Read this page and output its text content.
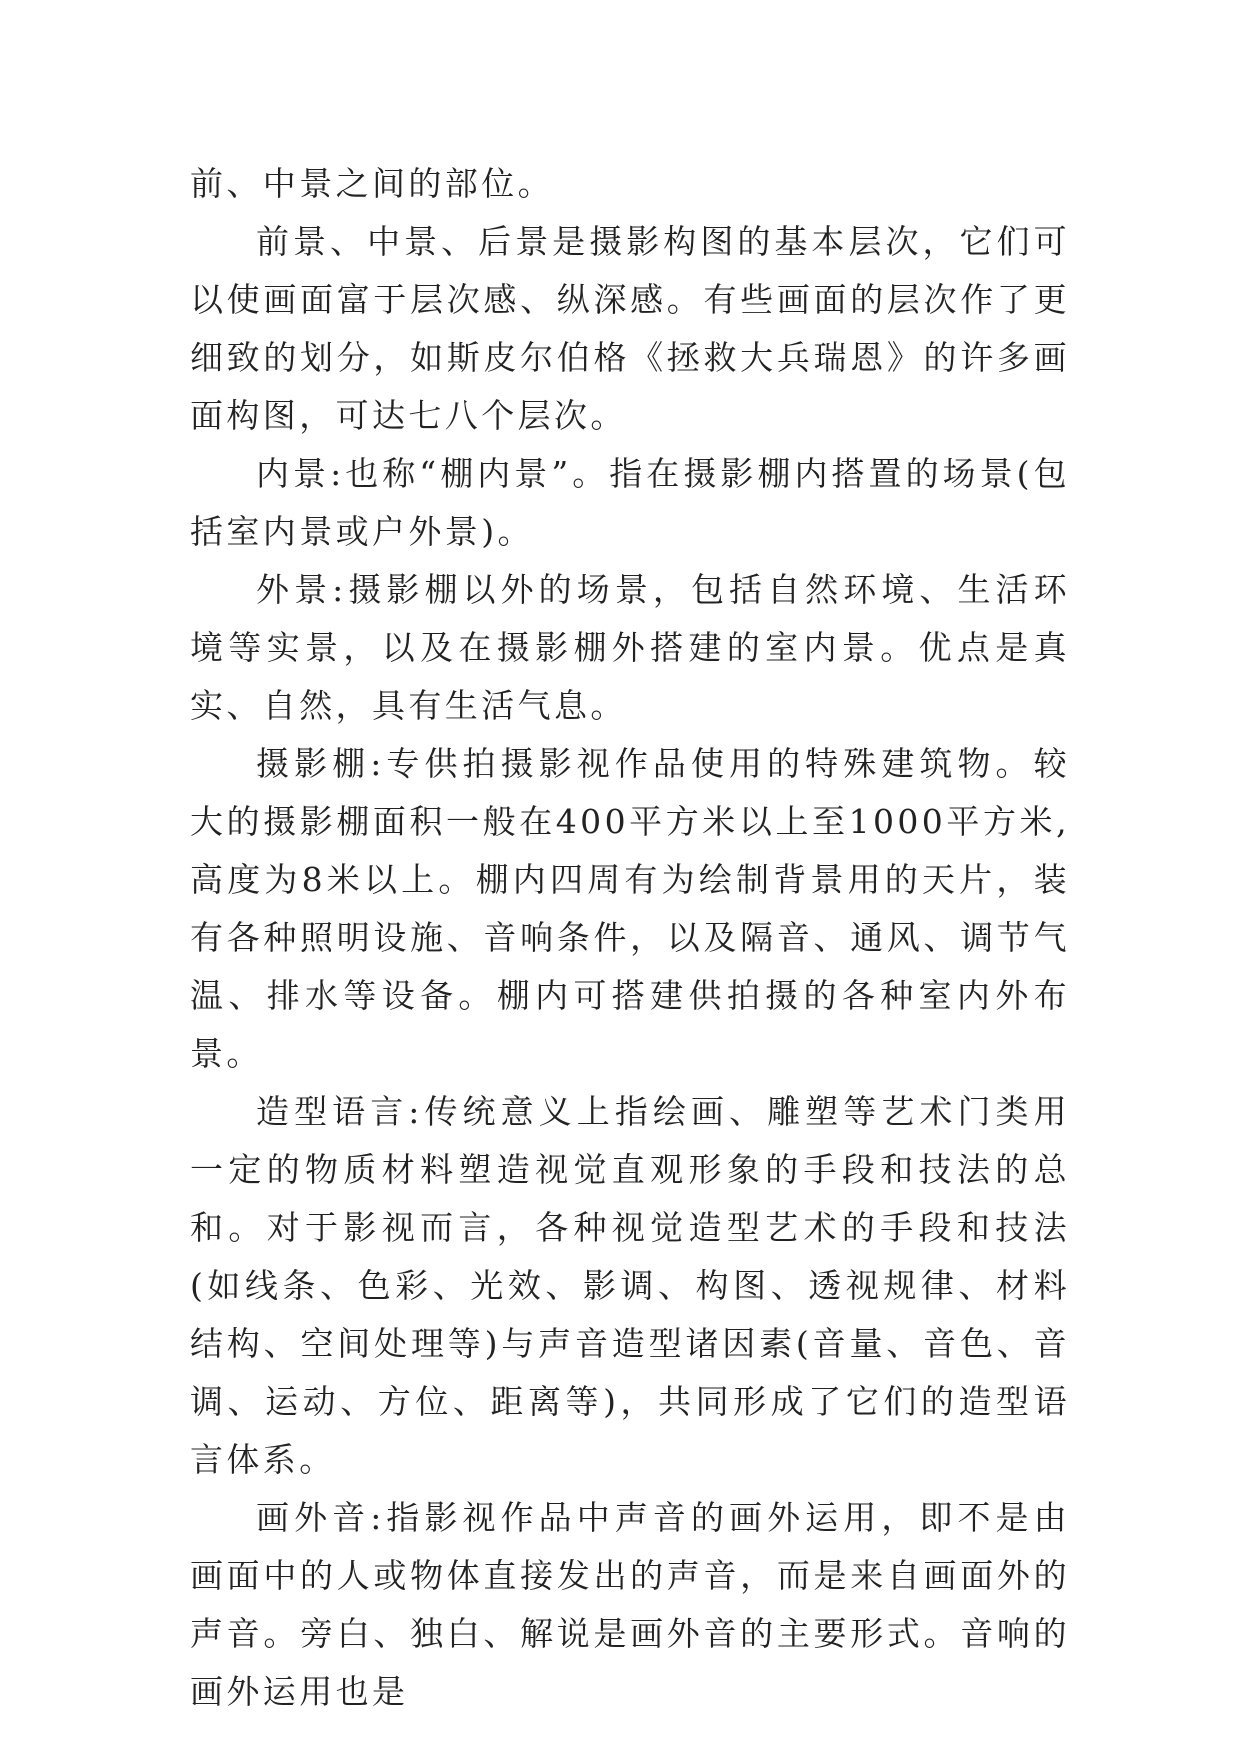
前、中景之间的部位。

前景、中景、后景是摄影构图的基本层次，它们可以使画面富于层次感、纵深感。有些画面的层次作了更细致的划分，如斯皮尔伯格《拯救大兵瑞恩》的许多画面构图，可达七八个层次。

内景:也称“棚内景”。指在摄影棚内搭置的场景(包括室内景或户外景)。

外景:摄影棚以外的场景，包括自然环境、生活环境等实景，以及在摄影棚外搭建的室内景。优点是真实、自然，具有生活气息。

摄影棚:专供拍摄影视作品使用的特殊建筑物。较大的摄影棚面积一般在400平方米以上至1000平方米,高度为8米以上。棚内四周有为绘制背景用的天片，装有各种照明设施、音响条件，以及隔音、通风、调节气温、排水等设备。棚内可搭建供拍摄的各种室内外布景。

造型语言:传统意义上指绘画、雕塑等艺术门类用一定的物质材料塑造视觉直观形象的手段和技法的总和。对于影视而言，各种视觉造型艺术的手段和技法(如线条、色彩、光效、影调、构图、透视规律、材料结构、空间处理等)与声音造型诸因素(音量、音色、音调、运动、方位、距离等)，共同形成了它们的造型语言体系。

画外音:指影视作品中声音的画外运用，即不是由画面中的人或物体直接发出的声音，而是来自画面外的声音。旁白、独白、解说是画外音的主要形式。音响的画外运用也是
